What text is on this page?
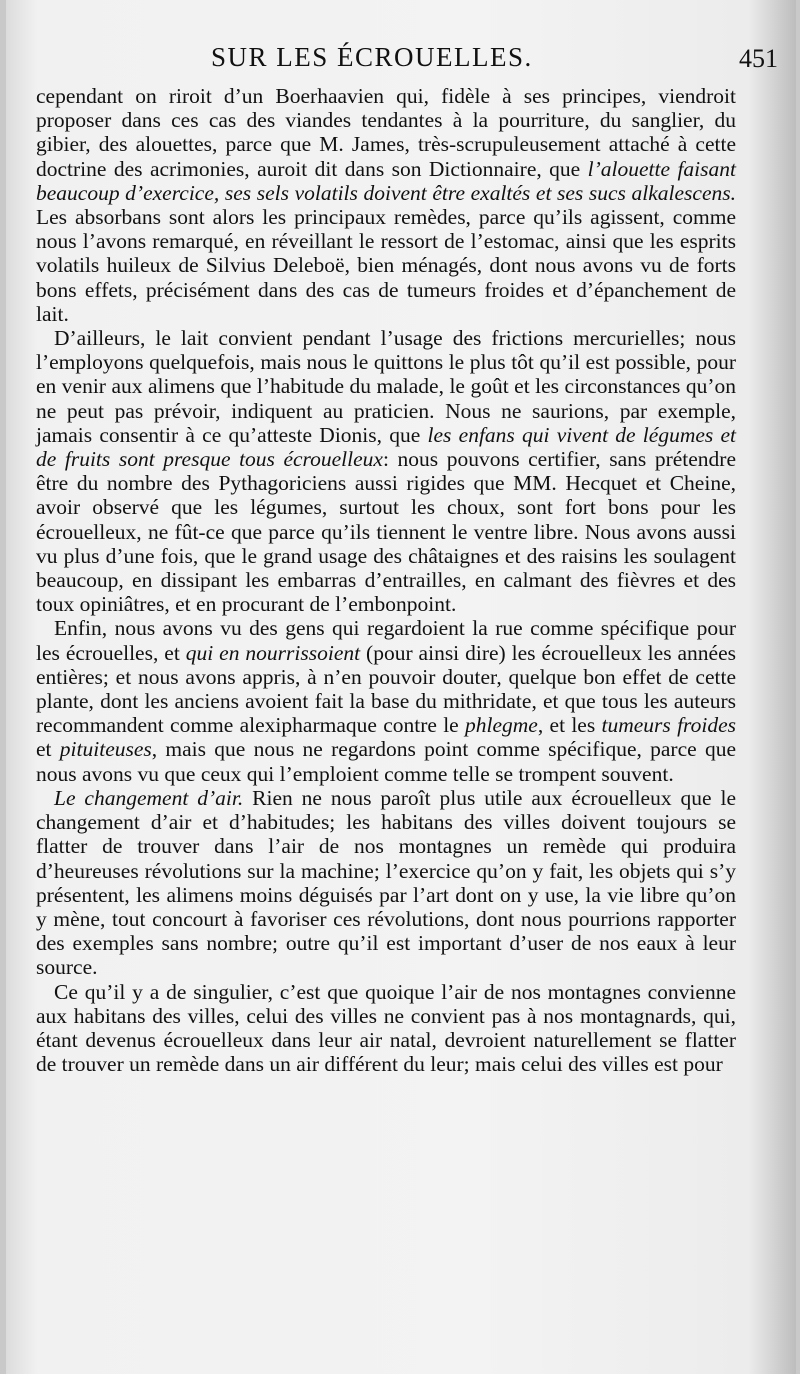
SUR LES ÉCROUELLES.	451

cependant on riroit d’un Boerhaavien qui, fidèle à ses principes, viendroit proposer dans ces cas des viandes tendantes à la pourriture, du sanglier, du gibier, des alouettes, parce que M. James, très-scrupuleusement attaché à cette doctrine des acrimonies, auroit dit dans son Dictionnaire, que l’alouette faisant beaucoup d’exercice, ses sels volatils doivent être exaltés et ses sucs alkalescens. Les absorbans sont alors les principaux remèdes, parce qu’ils agissent, comme nous l’avons remarqué, en réveillant le ressort de l’estomac, ainsi que les esprits volatils huileux de Silvius Deleboë, bien ménagés, dont nous avons vu de forts bons effets, précisément dans des cas de tumeurs froides et d’épanchement de lait.

D’ailleurs, le lait convient pendant l’usage des frictions mercurielles; nous l’employons quelquefois, mais nous le quittons le plus tôt qu’il est possible, pour en venir aux alimens que l’habitude du malade, le goût et les circonstances qu’on ne peut pas prévoir, indiquent au praticien. Nous ne saurions, par exemple, jamais consentir à ce qu’atteste Dionis, que les enfans qui vivent de légumes et de fruits sont presque tous écrouelleux: nous pouvons certifier, sans prétendre être du nombre des Pythagoriciens aussi rigides que MM. Hecquet et Cheine, avoir observé que les légumes, surtout les choux, sont fort bons pour les écrouelleux, ne fût-ce que parce qu’ils tiennent le ventre libre. Nous avons aussi vu plus d’une fois, que le grand usage des châtaignes et des raisins les soulagent beaucoup, en dissipant les embarras d’entrailles, en calmant des fièvres et des toux opiniâtres, et en procurant de l’embonpoint.

Enfin, nous avons vu des gens qui regardoient la rue comme spécifique pour les écrouelles, et qui en nourrissoient (pour ainsi dire) les écrouelleux les années entières; et nous avons appris, à n’en pouvoir douter, quelque bon effet de cette plante, dont les anciens avoient fait la base du mithridate, et que tous les auteurs recommandent comme alexipharmaque contre le phlegme, et les tumeurs froides et pituiteuses, mais que nous ne regardons point comme spécifique, parce que nous avons vu que ceux qui l’emploient comme telle se trompent souvent.

Le changement d’air. Rien ne nous paroît plus utile aux écrouelleux que le changement d’air et d’habitudes; les habitans des villes doivent toujours se flatter de trouver dans l’air de nos montagnes un remède qui produira d’heureuses révolutions sur la machine; l’exercice qu’on y fait, les objets qui s’y présentent, les alimens moins déguisés par l’art dont on y use, la vie libre qu’on y mène, tout concourt à favoriser ces révolutions, dont nous pourrions rapporter des exemples sans nombre; outre qu’il est important d’user de nos eaux à leur source.

Ce qu’il y a de singulier, c’est que quoique l’air de nos montagnes convienne aux habitans des villes, celui des villes ne convient pas à nos montagnards, qui, étant devenus écrouelleux dans leur air natal, devroient naturellement se flatter de trouver un remède dans un air différent du leur; mais celui des villes est pour
